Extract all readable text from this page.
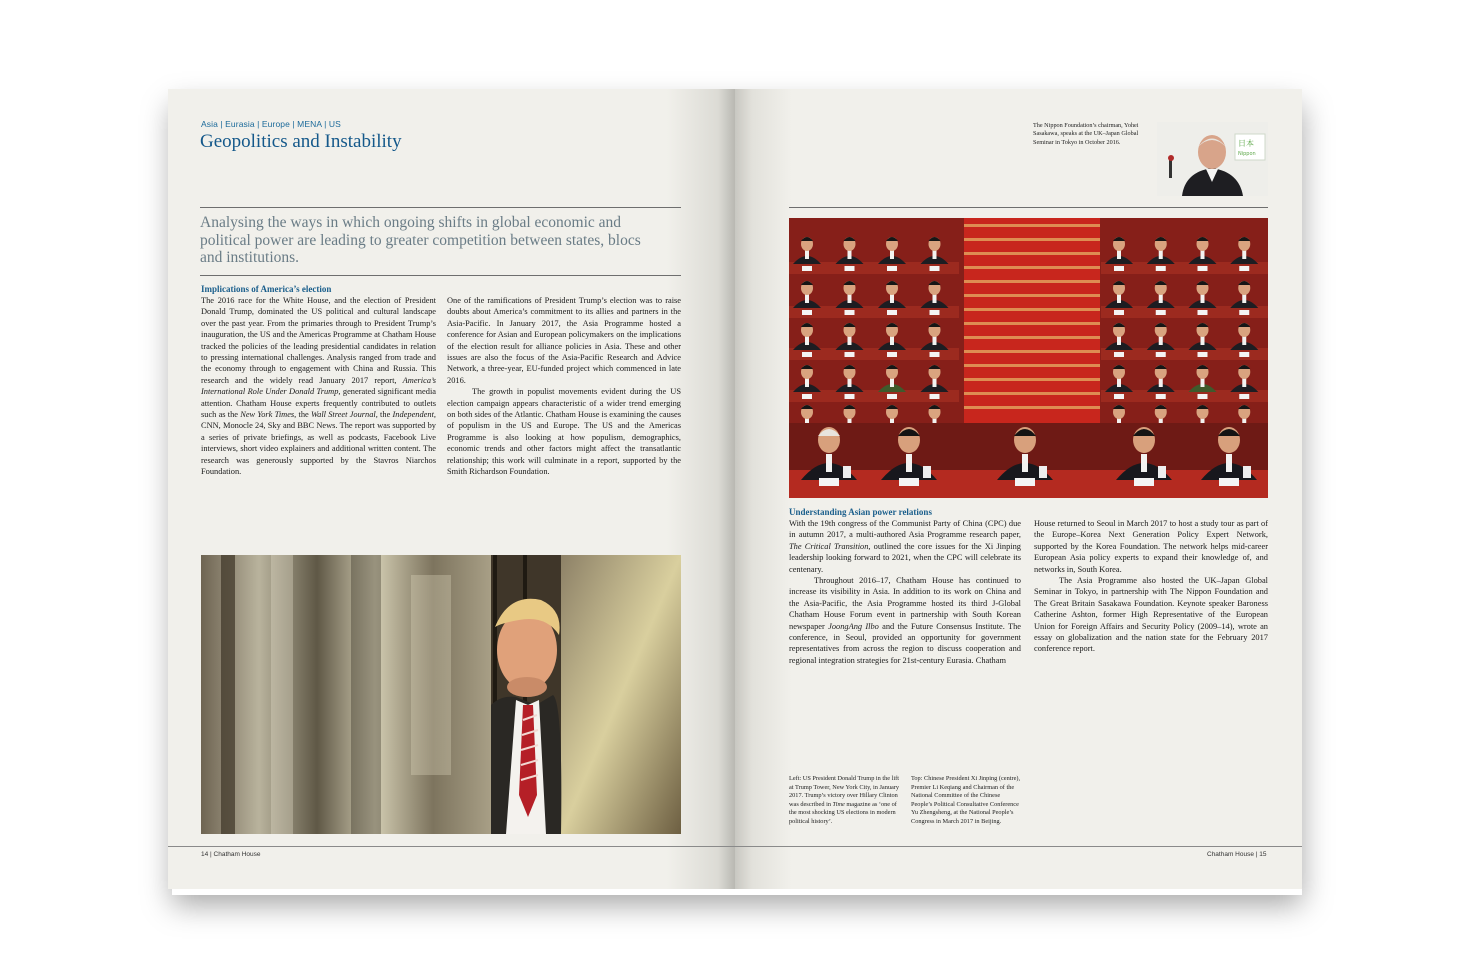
Asia | Eurasia | Europe | MENA | US
Geopolitics and Instability
Analysing the ways in which ongoing shifts in global economic and political power are leading to greater competition between states, blocs and institutions.
Implications of America’s election

The 2016 race for the White House, and the election of President Donald Trump, dominated the US political and cultural landscape over the past year. From the primaries through to President Trump’s inauguration, the US and the Americas Programme at Chatham House tracked the policies of the leading presidential candidates in relation to pressing international challenges. Analysis ranged from trade and the economy through to engagement with China and Russia. This research and the widely read January 2017 report, America’s International Role Under Donald Trump, generated significant media attention. Chatham House experts frequently contributed to outlets such as the New York Times, the Wall Street Journal, the Independent, CNN, Monocle 24, Sky and BBC News. The report was supported by a series of private briefings, as well as podcasts, Facebook Live interviews, short video explainers and additional written content. The research was generously supported by the Stavros Niarchos Foundation.

One of the ramifications of President Trump’s election was to raise doubts about America’s commitment to its allies and partners in the Asia-Pacific. In January 2017, the Asia Programme hosted a conference for Asian and European policymakers on the implications of the election result for alliance policies in Asia. These and other issues are also the focus of the Asia-Pacific Research and Advice Network, a three-year, EU-funded project which commenced in late 2016.

The growth in populist movements evident during the US election campaign appears characteristic of a wider trend emerging on both sides of the Atlantic. Chatham House is examining the causes of populism in the US and Europe. The US and the Americas Programme is also looking at how populism, demographics, economic trends and other factors might affect the transatlantic relationship; this work will culminate in a report, supported by the Smith Richardson Foundation.

14 | Chatham House
The Nippon Foundation’s chairman, Yohei Sasakawa, speaks at the UK–Japan Global Seminar in Tokyo in October 2016.	日本
Nippon
Understanding Asian power relations

With the 19th congress of the Communist Party of China (CPC) due in autumn 2017, a multi-authored Asia Programme research paper, The Critical Transition, outlined the core issues for the Xi Jinping leadership looking forward to 2021, when the CPC will celebrate its centenary.

Throughout 2016–17, Chatham House has continued to increase its visibility in Asia. In addition to its work on China and the Asia-Pacific, the Asia Programme hosted its third J-Global Chatham House Forum event in partnership with South Korean newspaper JoongAng Ilbo and the Future Consensus Institute. The conference, in Seoul, provided an opportunity for government representatives from across the region to discuss cooperation and regional integration strategies for 21st-century Eurasia. Chatham

House returned to Seoul in March 2017 to host a study tour as part of the Europe–Korea Next Generation Policy Expert Network, supported by the Korea Foundation. The network helps mid-career European Asia policy experts to expand their knowledge of, and networks in, South Korea.

The Asia Programme also hosted the UK–Japan Global Seminar in Tokyo, in partnership with The Nippon Foundation and The Great Britain Sasakawa Foundation. Keynote speaker Baroness Catherine Ashton, former High Representative of the European Union for Foreign Affairs and Security Policy (2009–14), wrote an essay on globalization and the nation state for the February 2017 conference report.

Left: US President Donald Trump in the lift at Trump Tower, New York City, in January 2017. Trump’s victory over Hillary Clinton was described in Time magazine as ‘one of the most shocking US elections in modern political history’.
Top: Chinese President Xi Jinping (centre), Premier Li Keqiang and Chairman of the National Committee of the Chinese People’s Political Consultative Conference Yu Zhengsheng, at the National People’s Congress in March 2017 in Beijing.
Chatham House | 15
